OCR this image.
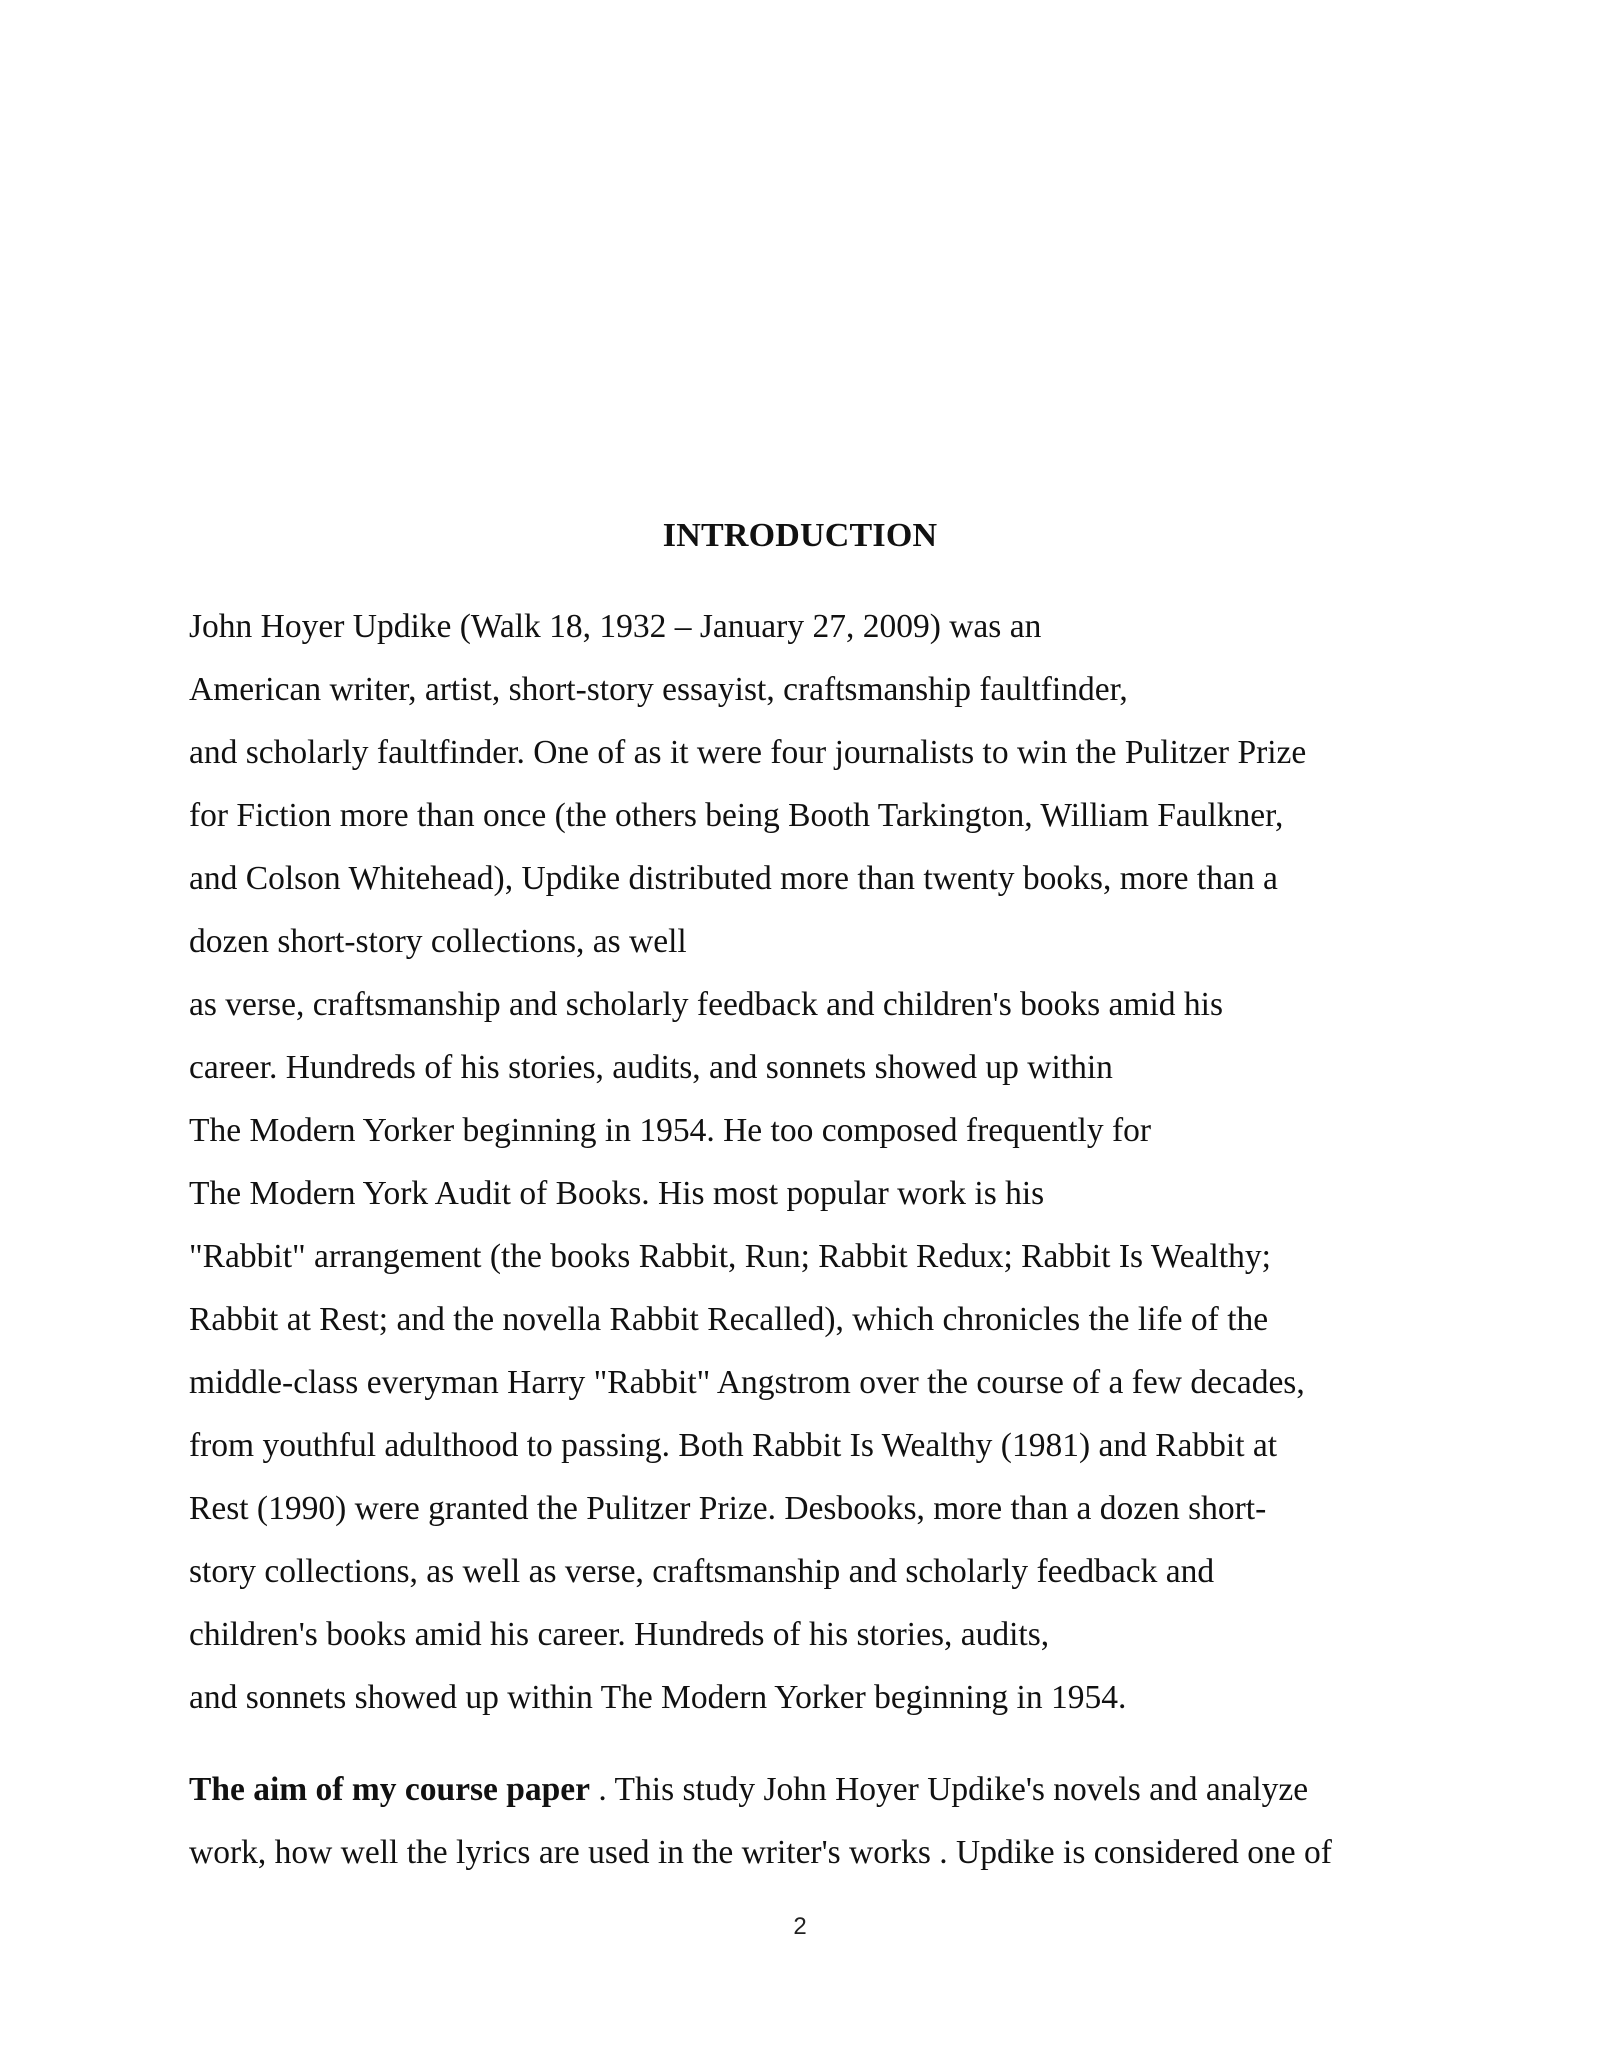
INTRODUCTION
John Hoyer Updike (Walk 18, 1932 – January 27, 2009) was an
American writer, artist, short-story essayist, craftsmanship faultfinder,
and scholarly faultfinder. One of as it were four journalists to win the Pulitzer Prize
for Fiction more than once (the others being Booth Tarkington, William Faulkner,
and Colson Whitehead), Updike distributed more than twenty books, more than a
dozen short-story collections, as well
as verse, craftsmanship and scholarly feedback and children's books amid his
career. Hundreds of his stories, audits, and sonnets showed up within
The Modern Yorker beginning in 1954. He too composed frequently for
The Modern York Audit of Books. His most popular work is his
"Rabbit" arrangement (the books Rabbit, Run; Rabbit Redux; Rabbit Is Wealthy;
Rabbit at Rest; and the novella Rabbit Recalled), which chronicles the life of the
middle-class everyman Harry "Rabbit" Angstrom over the course of a few decades,
from youthful adulthood to passing. Both Rabbit Is Wealthy (1981) and Rabbit at
Rest (1990) were granted the Pulitzer Prize. Desbooks, more than a dozen short-
story collections, as well as verse, craftsmanship and scholarly feedback and
children's books amid his career. Hundreds of his stories, audits,
and sonnets showed up within The Modern Yorker beginning in 1954.
The aim of my course paper . This study John Hoyer Updike's novels and analyze
work, how well the lyrics are used in the writer's works . Updike is considered one of
2
